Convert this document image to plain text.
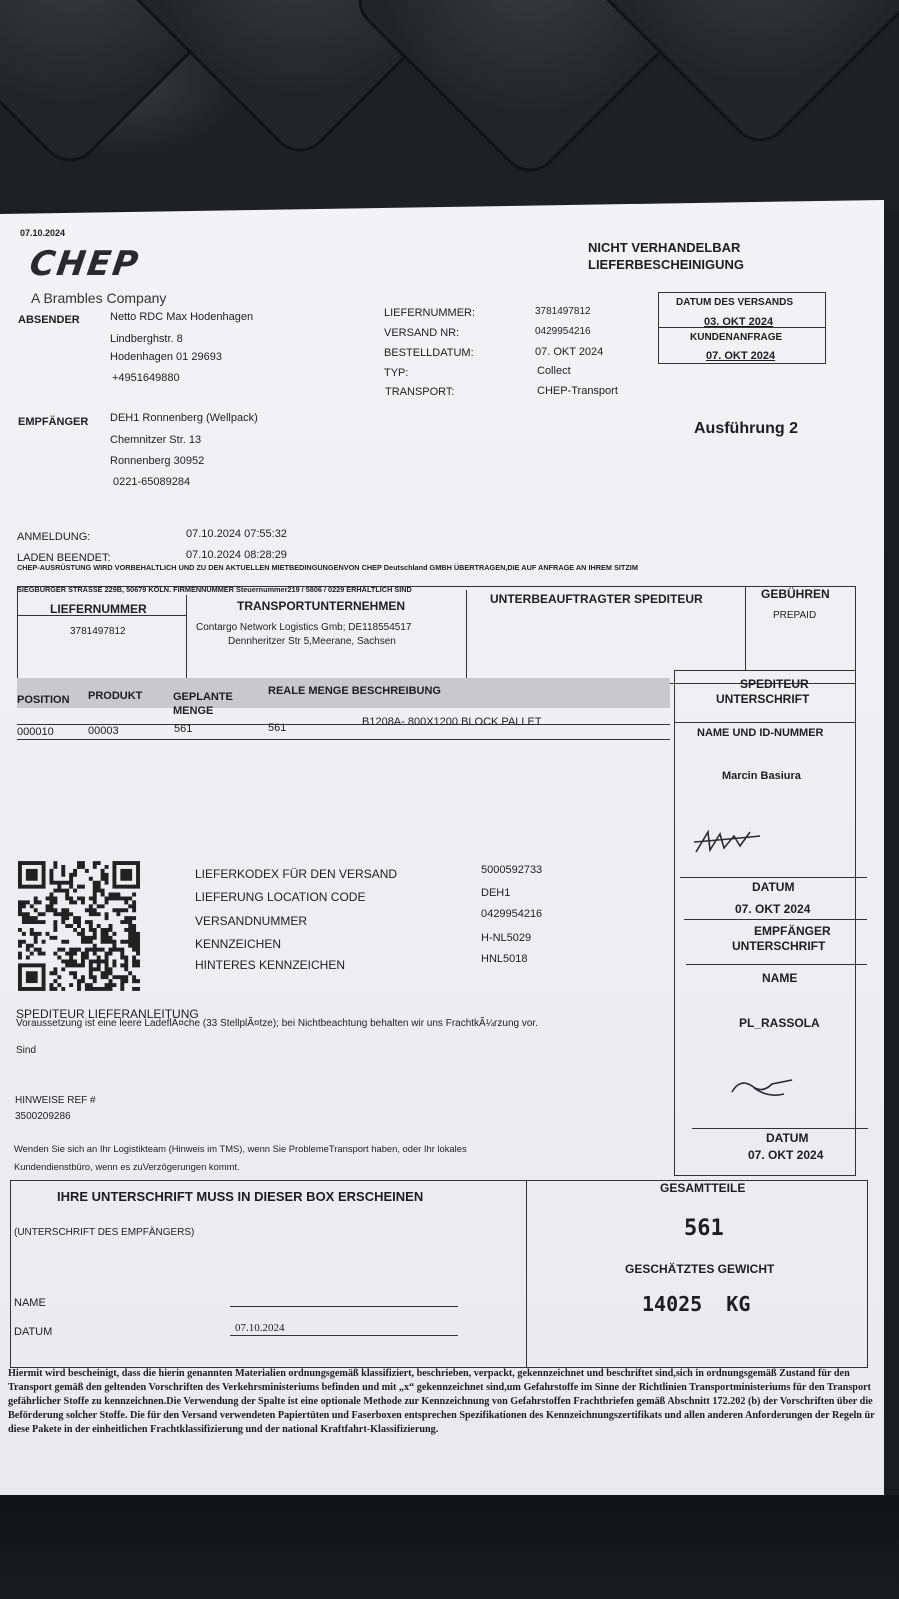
07.10.2024
CHEP
A Brambles Company
NICHT VERHANDELBAR
LIEFERBESCHEINIGUNG
ABSENDER	Netto RDC Max Hodenhagen
Lindberghstr. 8
Hodenhagen 01 29693
+4951649880
LIEFERNUMMER:	3781497812
VERSAND NR:	0429954216
BESTELLDATUM:	07. OKT 2024
TYP:	Collect
TRANSPORT:	CHEP-Transport
DATUM DES VERSANDS
03. OKT 2024
KUNDENANFRAGE
07. OKT 2024
Ausführung 2
EMPFÄNGER DEH1 Ronnenberg (Wellpack)
Chemnitzer Str. 13
Ronnenberg 30952
0221-65089284
ANMELDUNG:	07.10.2024 07:55:32
LADEN BEENDET:	07.10.2024 08:28:29
CHEP-AUSRÜSTUNG WIRD VORBEHALTLICH UND ZU DEN AKTUELLEN MIETBEDINGUNGENVON CHEP Deutschland GMBH ÜBERTRAGEN,DIE AUF ANFRAGE AN IHREM SITZIM
SIEGBURGER STRASSE 229B, 50679 KÖLN. FIRMENNUMMER Steuernummer219 / 5806 / 0229 ERHÄLTLICH SIND
LIEFERNUMMER
3781497812
TRANSPORTUNTERNEHMEN
Contargo Network Logistics Gmb; DE118554517
Dennheritzer Str 5,Meerane, Sachsen
UNTERBEAUFTRAGTER SPEDITEUR	GEBÜHREN
PREPAID
POSITION PRODUKT	GEPLANTE
MENGE
REALE MENGE BESCHREIBUNG
000010	00003	561	561	B1208A- 800X1200 BLOCK PALLET
SPEDITEUR
UNTERSCHRIFT
NAME UND ID-NUMMER
Marcin Basiura
DATUM
07. OKT 2024
EMPFÄNGER
UNTERSCHRIFT
NAME
PL_RASSOLA
DATUM
07. OKT 2024
LIEFERKODEX FÜR DEN VERSAND	5000592733
LIEFERUNG LOCATION CODE	DEH1
VERSANDNUMMER	0429954216
KENNZEICHEN	H-NL5029
HINTERES KENNZEICHEN	HNL5018
SPEDITEUR LIEFERANLEITUNG
Voraussetzung ist eine leere LadeflÃ¤che (33 StellplÃ¤tze); bei Nichtbeachtung behalten wir uns FrachtkÃ¼rzung vor.
Sind
HINWEISE REF #
3500209286
Wenden Sie sich an Ihr Logistikteam (Hinweis im TMS), wenn Sie ProblemeTransport haben, oder Ihr lokales
Kundendienstbüro, wenn es zuVerzögerungen kommt.
IHRE UNTERSCHRIFT MUSS IN DIESER BOX ERSCHEINEN
(UNTERSCHRIFT DES EMPFÄNGERS)
NAME
DATUM	07.10.2024
GESAMTTEILE
561
GESCHÄTZTES GEWICHT
14025  KG
Hiermit wird bescheinigt, dass die hierin genannten Materialien ordnungsgemäß klassifiziert, beschrieben, verpackt, gekennzeichnet und beschriftet sind,sich in ordnungsgemäß Zustand für den Transport gemäß den geltenden Vorschriften des Verkehrsministeriums befinden und mit „x“ gekennzeichnet sind,um Gefahrstoffe im Sinne der Richtlinien Transportministeriums für den Transport gefährlicher Stoffe zu kennzeichnen.Die Verwendung der Spalte ist eine optionale Methode zur Kennzeichnung von Gefahrstoffen Frachtbriefen gemäß Abschnitt 172.202 (b) der Vorschriften über die Beförderung solcher Stoffe. Die für den Versand verwendeten Papiertüten und Faserboxen entsprechen Spezifikationen des Kennzeichnungszertifikats und allen anderen Anforderungen der Regeln ür diese Pakete in der einheitlichen Frachtklassifizierung und der national Kraftfahrt-Klassifizierung.
